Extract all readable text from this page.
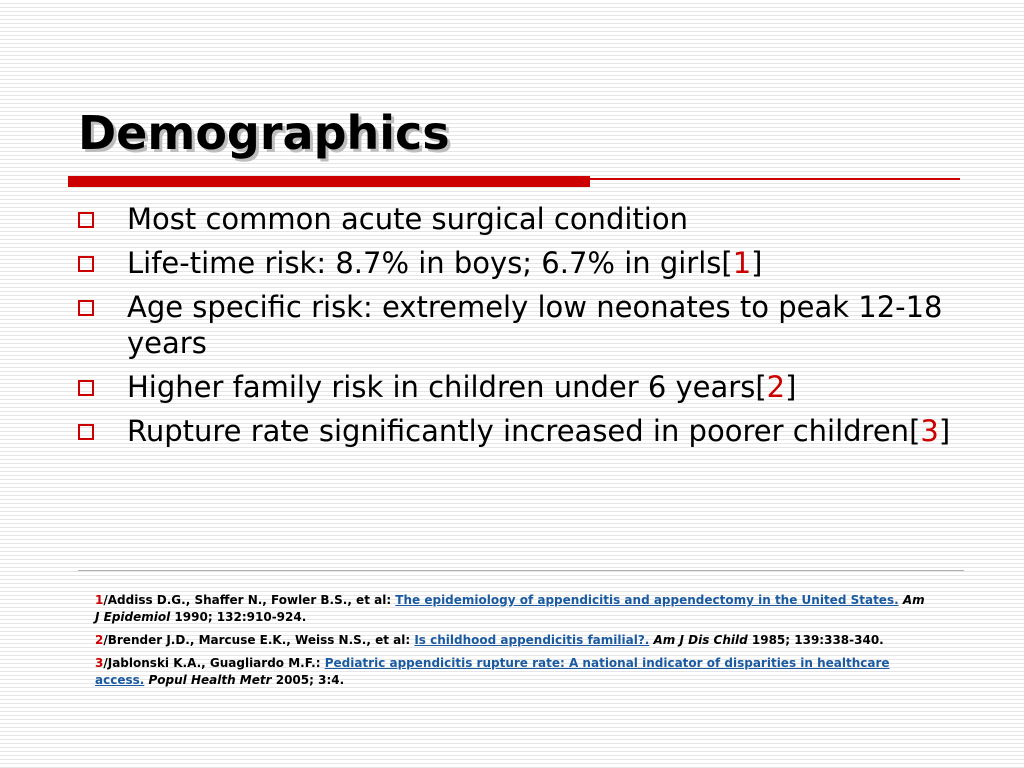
Demographics
Most common acute surgical condition
Life-time risk: 8.7% in boys; 6.7% in girls[1]
Age specific risk: extremely low neonates to peak 12-18 years
Higher family risk in children under 6 years[2]
Rupture rate significantly increased in poorer children[3]

1/Addiss D.G., Shaffer N., Fowler B.S., et al: The epidemiology of appendicitis and appendectomy in the United States. Am J Epidemiol 1990; 132:910-924.

2/Brender J.D., Marcuse E.K., Weiss N.S., et al: Is childhood appendicitis familial?. Am J Dis Child 1985; 139:338-340.

3/Jablonski K.A., Guagliardo M.F.: Pediatric appendicitis rupture rate: A national indicator of disparities in healthcare access. Popul Health Metr 2005; 3:4.
